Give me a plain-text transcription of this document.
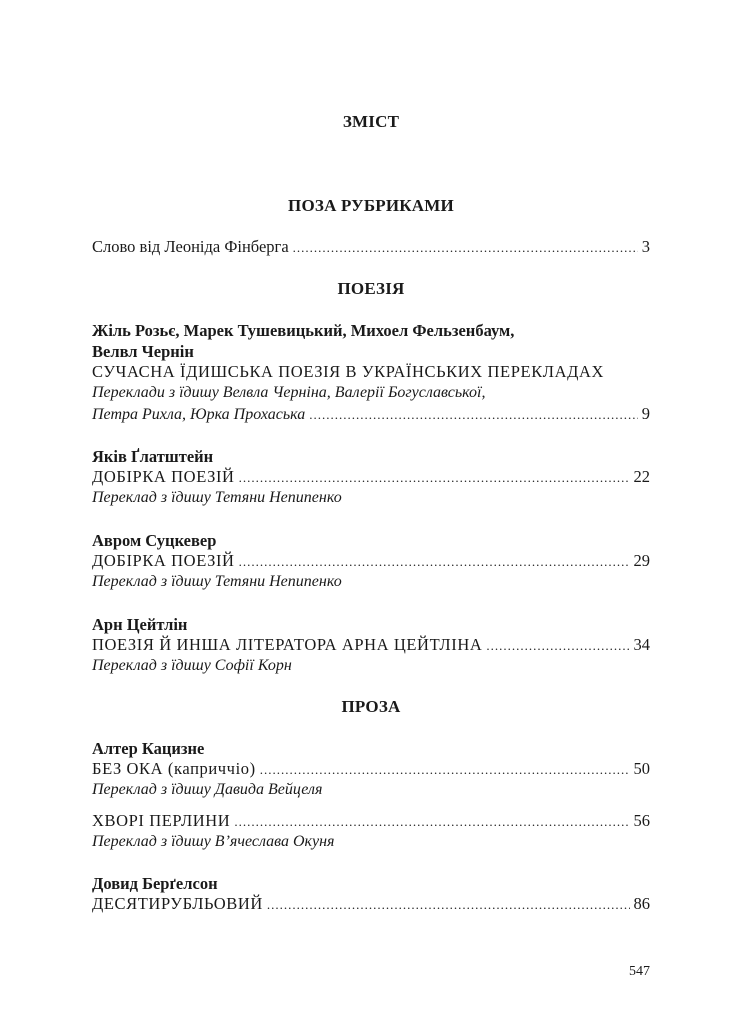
ЗМІСТ
ПОЗА РУБРИКАМИ
Слово від Леоніда Фінберга .....	3
ПОЕЗІЯ
Жіль Розьє, Марек Тушевицький, Михоел Фельзенбаум,
Велвл Чернін
СУЧАСНА ЇДИШСЬКА ПОЕЗІЯ В УКРАЇНСЬКИХ ПЕРЕКЛАДАХ
Переклади з їдишу Велвла Черніна, Валерії Богуславської,
Петра Рихла, Юрка Прохаська .....	9
Яків Ґлатштейн
ДОБІРКА ПОЕЗІЙ .....	22
Переклад з їдишу Тетяни Непипенко
Авром Суцкевер
ДОБІРКА ПОЕЗІЙ .....	29
Переклад з їдишу Тетяни Непипенко
Арн Цейтлін
ПОЕЗІЯ Й ИНША ЛІТЕРАТОРА АРНА ЦЕЙТЛІНА .....	34
Переклад з їдишу Софії Корн
ПРОЗА
Алтер Кацизне
БЕЗ ОКА (каприччіо) .....	50
Переклад з їдишу Давида Вейцеля
ХВОРІ ПЕРЛИНИ .....	56
Переклад з їдишу В’ячеслава Окуня
Довид Берґелсон
ДЕСЯТИРУБЛЬОВИЙ .....	86
547
